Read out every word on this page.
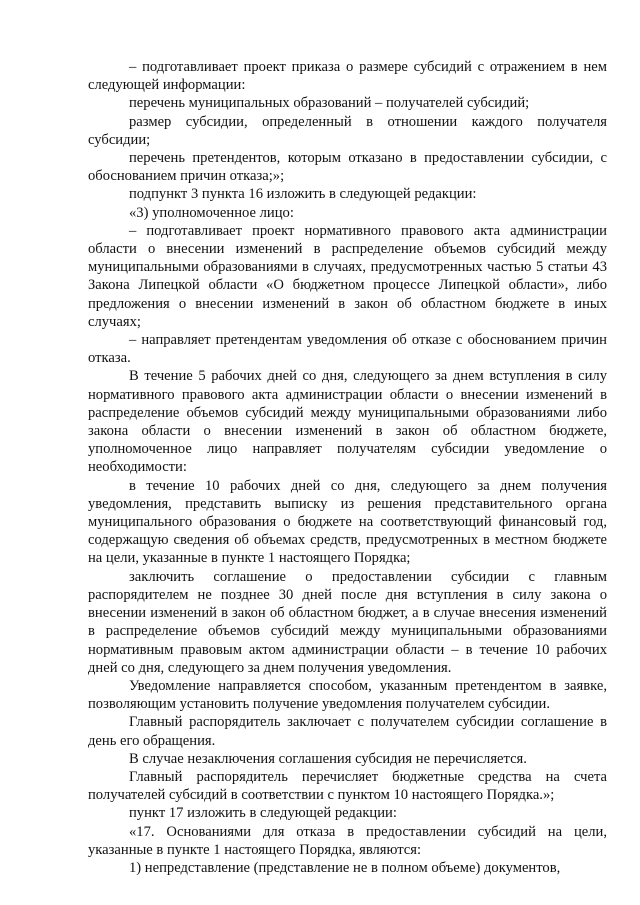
– подготавливает проект приказа о размере субсидий с отражением в нем следующей информации:

перечень муниципальных образований – получателей субсидий;

размер субсидии, определенный в отношении каждого получателя субсидии;

перечень претендентов, которым отказано в предоставлении субсидии, с обоснованием причин отказа;»;

подпункт 3 пункта 16 изложить в следующей редакции:

«3) уполномоченное лицо:

– подготавливает проект нормативного правового акта администрации области о внесении изменений в распределение объемов субсидий между муниципальными образованиями в случаях, предусмотренных частью 5 статьи 43 Закона Липецкой области «О бюджетном процессе Липецкой области», либо предложения о внесении изменений в закон об областном бюджете в иных случаях;

– направляет претендентам уведомления об отказе с обоснованием причин отказа.

В течение 5 рабочих дней со дня, следующего за днем вступления в силу нормативного правового акта администрации области о внесении изменений в распределение объемов субсидий между муниципальными образованиями либо закона области о внесении изменений в закон об областном бюджете, уполномоченное лицо направляет получателям субсидии уведомление о необходимости:

в течение 10 рабочих дней со дня, следующего за днем получения уведомления, представить выписку из решения представительного органа муниципального образования о бюджете на соответствующий финансовый год, содержащую сведения об объемах средств, предусмотренных в местном бюджете на цели, указанные в пункте 1 настоящего Порядка;

заключить соглашение о предоставлении субсидии с главным распорядителем не позднее 30 дней после дня вступления в силу закона о внесении изменений в закон об областном бюджет, а в случае внесения изменений в распределение объемов субсидий между муниципальными образованиями нормативным правовым актом администрации области – в течение 10 рабочих дней со дня, следующего за днем получения уведомления.

Уведомление направляется способом, указанным претендентом в заявке, позволяющим установить получение уведомления получателем субсидии.

Главный распорядитель заключает с получателем субсидии соглашение в день его обращения.

В случае незаключения соглашения субсидия не перечисляется.

Главный распорядитель перечисляет бюджетные средства на счета получателей субсидий в соответствии с пунктом 10 настоящего Порядка.»;

пункт 17 изложить в следующей редакции:

«17. Основаниями для отказа в предоставлении субсидий на цели, указанные в пункте 1 настоящего Порядка, являются:

1) непредставление (представление не в полном объеме) документов,
